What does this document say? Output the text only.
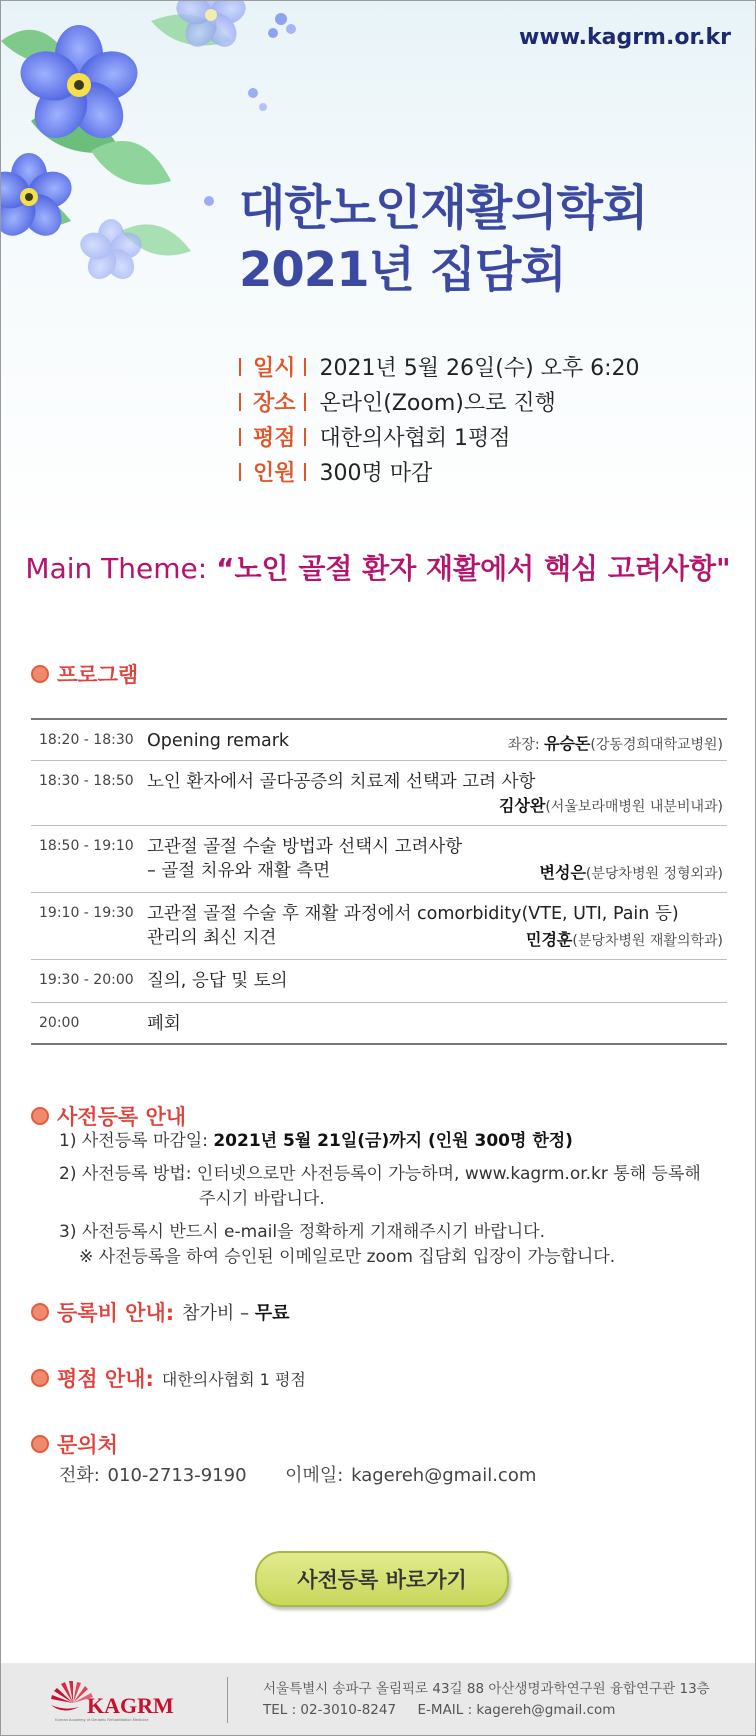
www.kagrm.or.kr
대한노인재활의학회
2021년 집담회
일시 2021년 5월 26일(수) 오후 6:20
장소 온라인(Zoom)으로 진행
평점 대한의사협회 1평점
인원 300명 마감
Main Theme: “노인 골절 환자 재활에서 핵심 고려사항"
프로그램
18:20 - 18:30 Opening remark	좌장: 유승돈(강동경희대학교병원)
18:30 - 18:50 노인 환자에서 골다공증의 치료제 선택과 고려 사항
김상완(서울보라매병원 내분비내과)
18:50 - 19:10 고관절 골절 수술 방법과 선택시 고려사항
– 골절 치유와 재활 측면	변성은(분당차병원 정형외과)
19:10 - 19:30 고관절 골절 수술 후 재활 과정에서 comorbidity(VTE, UTI, Pain 등)
관리의 최신 지견	민경훈(분당차병원 재활의학과)
19:30 - 20:00 질의, 응답 및 토의
20:00	폐회
사전등록 안내
1) 사전등록 마감일: 2021년 5월 21일(금)까지 (인원 300명 한정)
2) 사전등록 방법: 인터넷으로만 사전등록이 가능하며, www.kagrm.or.kr 통해 등록해
주시기 바랍니다.
3) 사전등록시 반드시 e-mail을 정확하게 기재해주시기 바랍니다.
※ 사전등록을 하여 승인된 이메일로만 zoom 집담회 입장이 가능합니다.
등록비 안내: 참가비 – 무료
평점 안내: 대한의사협회 1 평점
문의처
전화: 010-2713-9190     이메일: kagereh@gmail.com
사전등록 바로가기
KAGRM
Korean Academy of Geriatric Rehabilitation Medicine
서울특별시 송파구 올림픽로 43길 88 아산생명과학연구원 융합연구관 13층
TEL : 02-3010-8247     E-MAIL : kagereh@gmail.com
